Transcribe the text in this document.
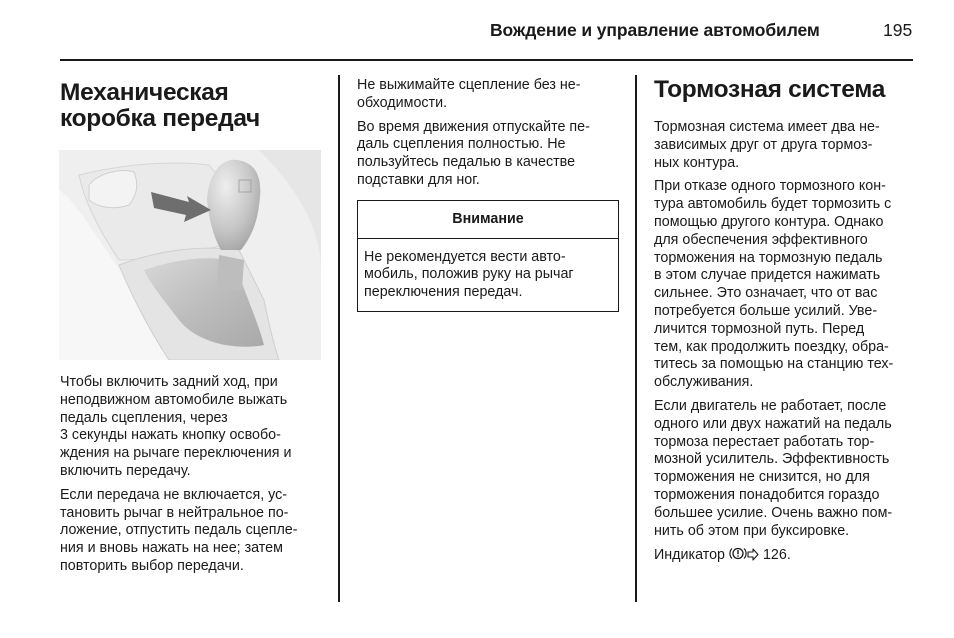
Вождение и управление автомобилем	195
Механическая
коробка передач

Чтобы включить задний ход, при
неподвижном автомобиле выжать
педаль сцепления, через
3 секунды нажать кнопку освобо-
ждения на рычаге переключения и
включить передачу.

Если передача не включается, ус-
тановить рычаг в нейтральное по-
ложение, отпустить педаль сцепле-
ния и вновь нажать на нее; затем
повторить выбор передачи.

Не выжимайте сцепление без не-
обходимости.

Во время движения отпускайте пе-
даль сцепления полностью. Не
пользуйтесь педалью в качестве
подставки для ног.

Внимание
Не рекомендуется вести авто-
мобиль, положив руку на рычаг
переключения передач.
Тормозная система

Тормозная система имеет два не-
зависимых друг от друга тормоз-
ных контура.

При отказе одного тормозного кон-
тура автомобиль будет тормозить с
помощью другого контура. Однако
для обеспечения эффективного
торможения на тормозную педаль
в этом случае придется нажимать
сильнее. Это означает, что от вас
потребуется больше усилий. Уве-
личится тормозной путь. Перед
тем, как продолжить поездку, обра-
титесь за помощью на станцию тех-
обслуживания.

Если двигатель не работает, после
одного или двух нажатий на педаль
тормоза перестает работать тор-
мозной усилитель. Эффективность
торможения не снизится, но для
торможения понадобится гораздо
большее усилие. Очень важно пом-
нить об этом при буксировке.

Индикатор	126.
